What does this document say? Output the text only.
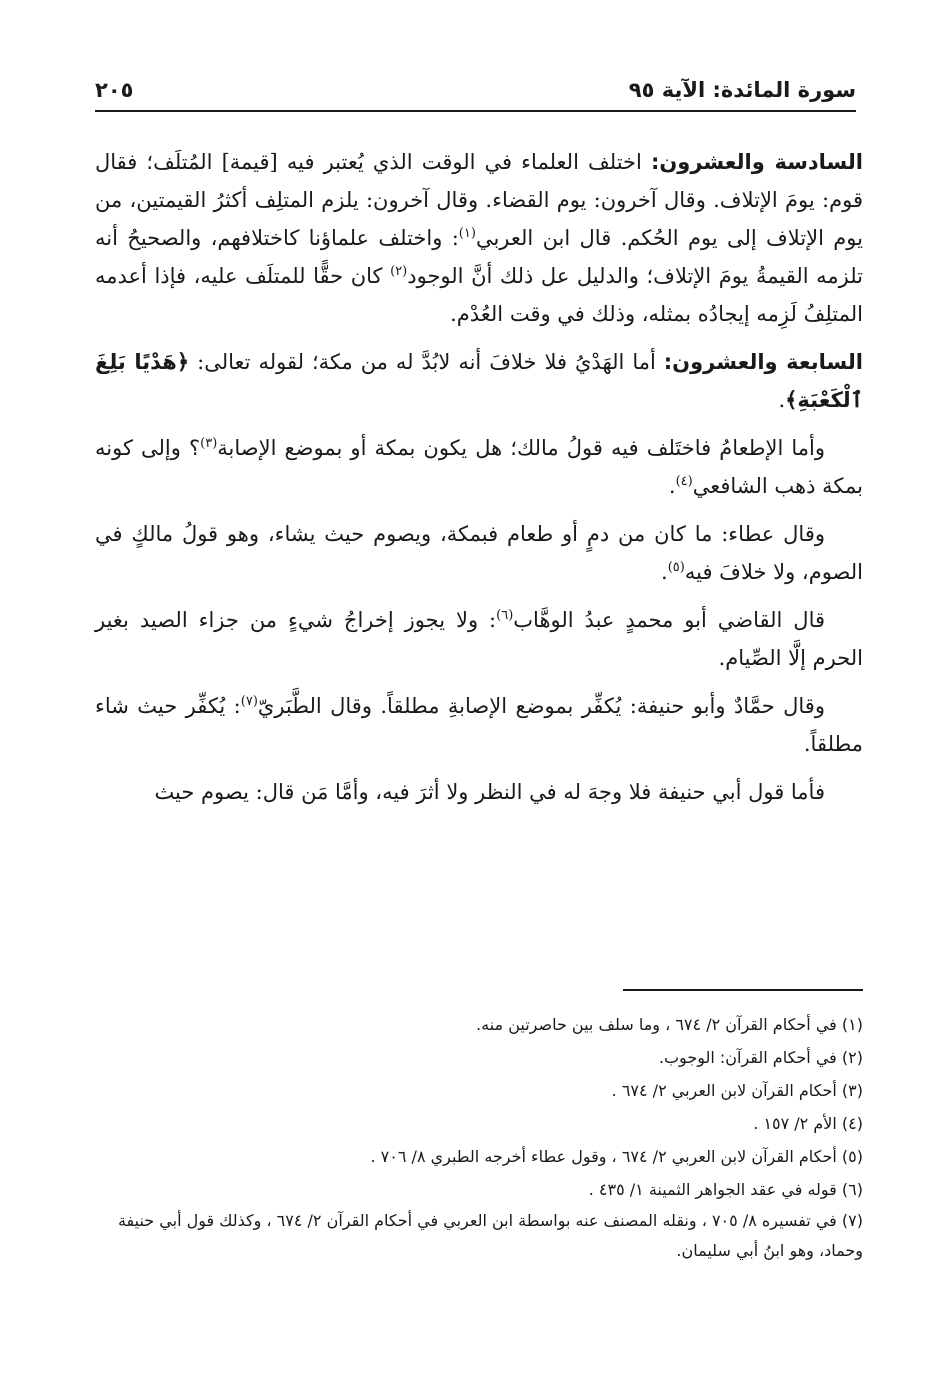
سورة المائدة: الآية ٩٥
٢٠٥

السادسة والعشرون: اختلف العلماء في الوقت الذي يُعتبر فيه [قيمة] المُتلَف؛ فقال قوم: يومَ الإتلاف. وقال آخرون: يوم القضاء. وقال آخرون: يلزم المتلِف أكثرُ القيمتين، من يوم الإتلاف إلى يوم الحُكم. قال ابن العربي$^{(١)}$: واختلف علماؤنا كاختلافهم، والصحيحُ أنه تلزمه القيمةُ يومَ الإتلاف؛ والدليل عل ذلك أنَّ الوجود$^{(٢)}$ كان حقًّا للمتلَف عليه، فإذا أعدمه المتلِفُ لَزِمه إيجادُه بمثله، وذلك في وقت العُدْم.

السابعة والعشرون: أما الهَدْيُ فلا خلافَ أنه لابُدَّ له من مكة؛ لقوله تعالى: ﴿هَدْيًا بَلِغَ ٱلْكَعْبَةِ﴾.

وأما الإطعامُ فاختَلف فيه قولُ مالك؛ هل يكون بمكة أو بموضع الإصابة$^{(٣)}$؟ وإلى كونه بمكة ذهب الشافعي$^{(٤)}$.

وقال عطاء: ما كان من دمٍ أو طعام فبمكة، ويصوم حيث يشاء، وهو قولُ مالكٍ في الصوم، ولا خلافَ فيه$^{(٥)}$.

قال القاضي أبو محمدٍ عبدُ الوهَّاب$^{(٦)}$: ولا يجوز إخراجُ شيءٍ من جزاء الصيد بغير الحرم إلَّا الصِّيام.

وقال حمَّادٌ وأبو حنيفة: يُكفِّر بموضع الإصابةِ مطلقاً. وقال الطَّبَريّ$^{(٧)}$: يُكفِّر حيث شاء مطلقاً.

فأما قول أبي حنيفة فلا وجهَ له في النظر ولا أثرَ فيه، وأمَّا مَن قال: يصوم حيث

(١) في أحكام القرآن ٢/ ٦٧٤ ، وما سلف بين حاصرتين منه.

(٢) في أحكام القرآن: الوجوب.

(٣) أحكام القرآن لابن العربي ٢/ ٦٧٤ .

(٤) الأم ٢/ ١٥٧ .

(٥) أحكام القرآن لابن العربي ٢/ ٦٧٤ ، وقول عطاء أخرجه الطبري ٨/ ٧٠٦ .

(٦) قوله في عقد الجواهر الثمينة ١/ ٤٣٥ .

(٧) في تفسيره ٨/ ٧٠٥ ، ونقله المصنف عنه بواسطة ابن العربي في أحكام القرآن ٢/ ٦٧٤ ، وكذلك قول أبي حنيفة وحماد، وهو ابنُ أبي سليمان.
